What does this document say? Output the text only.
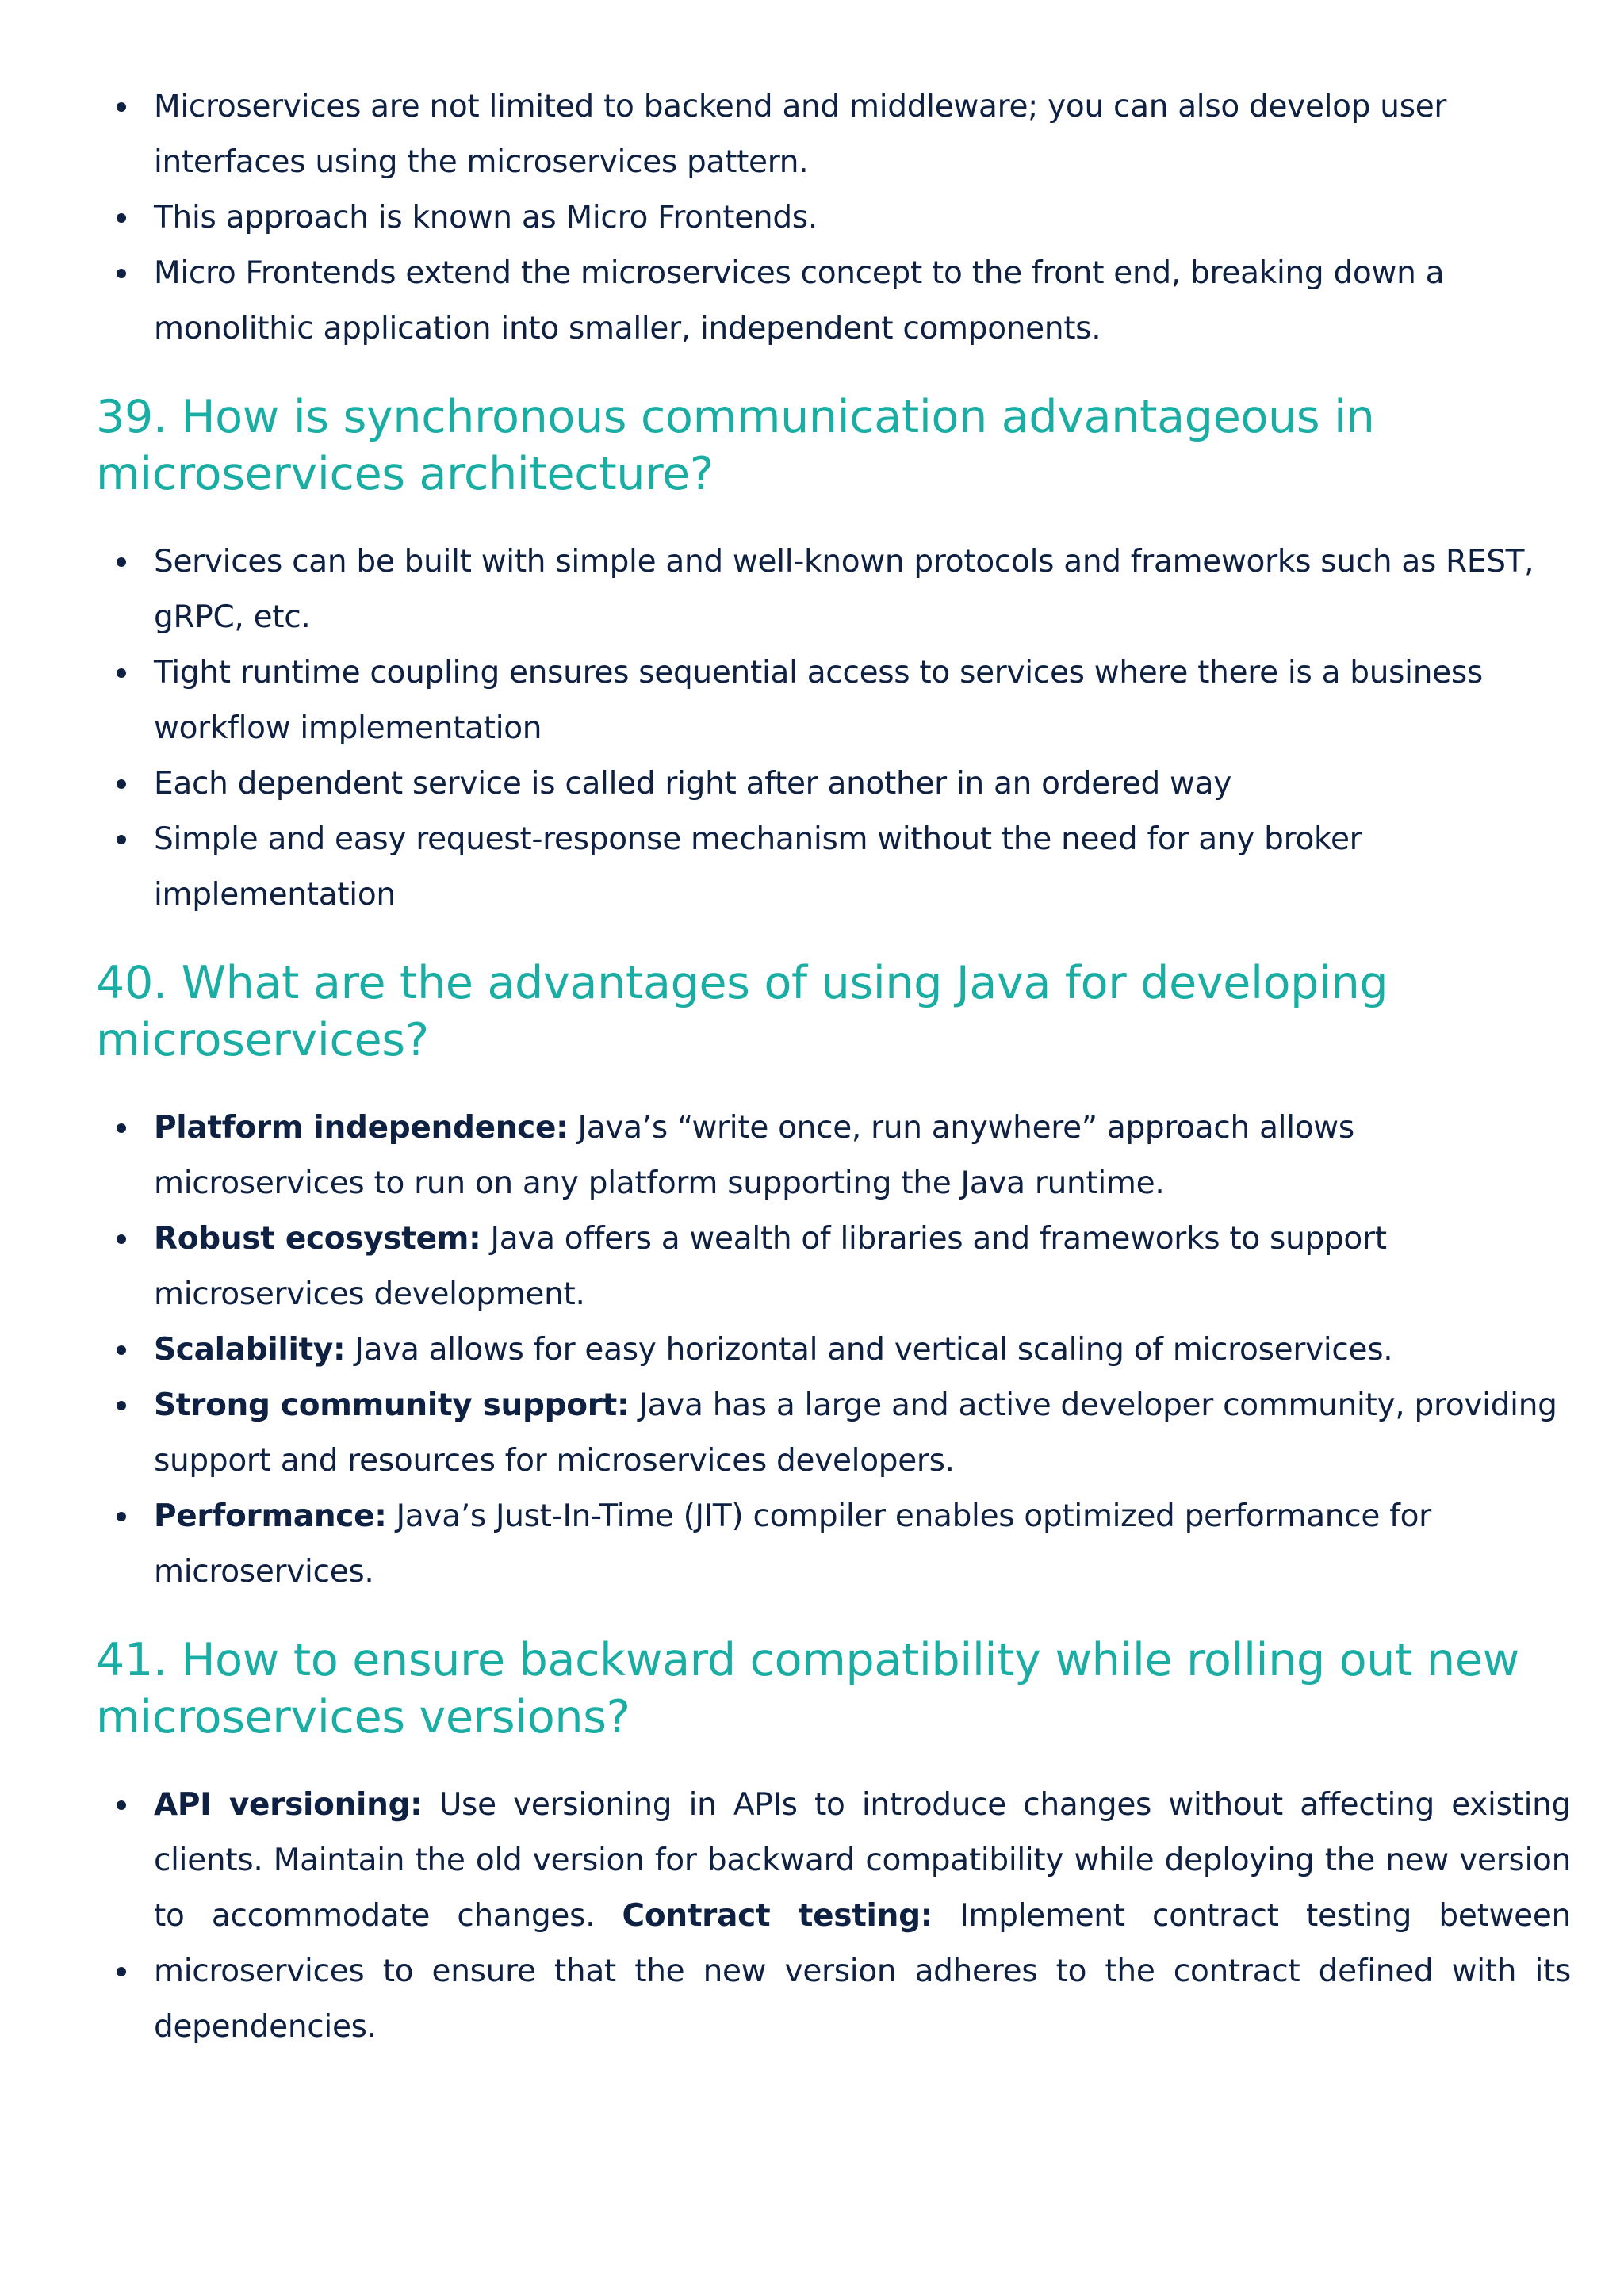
Microservices are not limited to backend and middleware; you can also develop user interfaces using the microservices pattern.
This approach is known as Micro Frontends.
Micro Frontends extend the microservices concept to the front end, breaking down a monolithic application into smaller, independent components.
39. How is synchronous communication advantageous in microservices architecture?
Services can be built with simple and well-known protocols and frameworks such as REST, gRPC, etc.
Tight runtime coupling ensures sequential access to services where there is a business workflow implementation
Each dependent service is called right after another in an ordered way
Simple and easy request-response mechanism without the need for any broker implementation
40. What are the advantages of using Java for developing microservices?
Platform independence: Java’s “write once, run anywhere” approach allows microservices to run on any platform supporting the Java runtime.
Robust ecosystem: Java offers a wealth of libraries and frameworks to support microservices development.
Scalability: Java allows for easy horizontal and vertical scaling of microservices.
Strong community support: Java has a large and active developer community, providing support and resources for microservices developers.
Performance: Java’s Just-In-Time (JIT) compiler enables optimized performance for microservices.
41. How to ensure backward compatibility while rolling out new microservices versions?
API versioning: Use versioning in APIs to introduce changes without affecting existing clients. Maintain the old version for backward compatibility while deploying the new version to accommodate changes. Contract testing: Implement contract testing between microservices to ensure that the new version adheres to the contract defined with its dependencies.
